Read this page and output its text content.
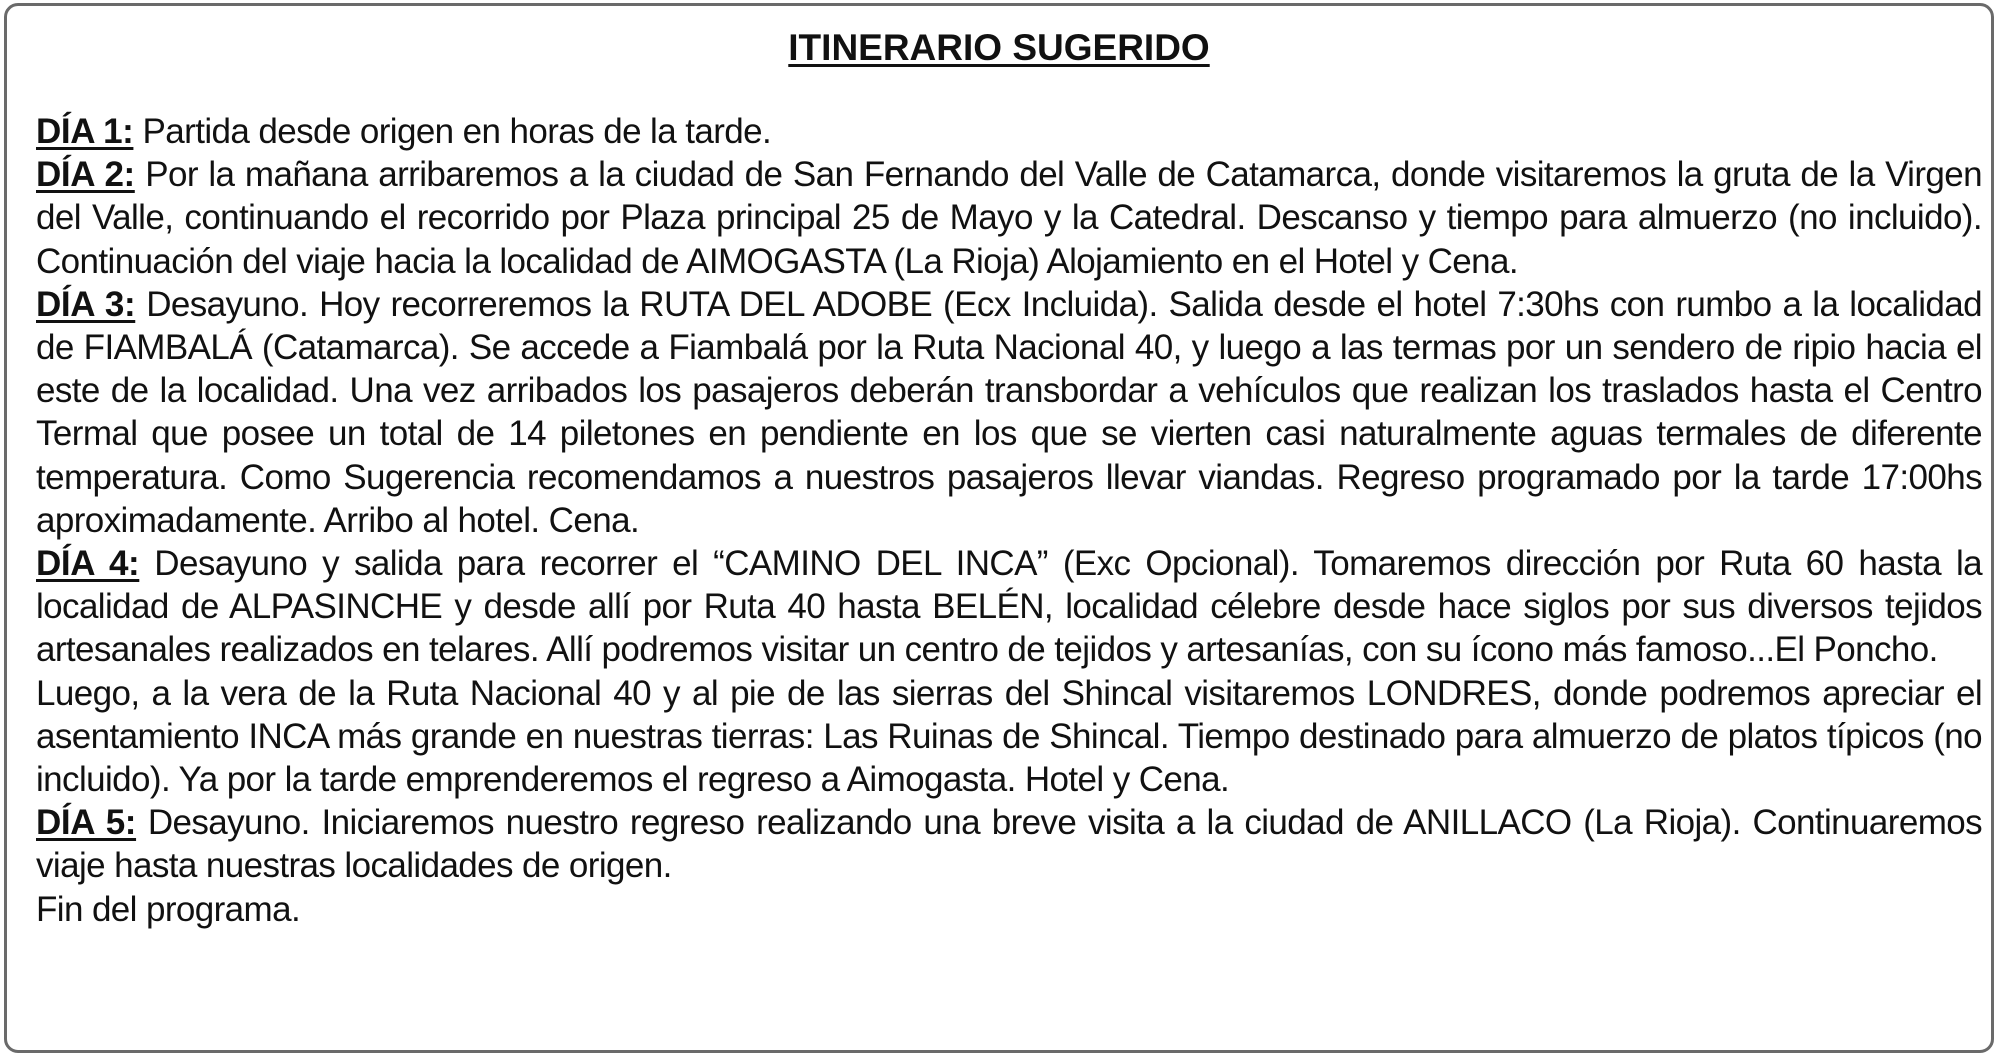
ITINERARIO SUGERIDO

DÍA 1: Partida desde origen en horas de la tarde.

DÍA 2: Por la mañana arribaremos a la ciudad de San Fernando del Valle de Catamarca, donde visitaremos la gruta de la Virgen del Valle, continuando el recorrido por Plaza principal 25 de Mayo y la Catedral. Descanso y tiempo para almuerzo (no incluido). Continuación del viaje hacia la localidad de AIMOGASTA (La Rioja) Alojamiento en el Hotel y Cena.

DÍA 3: Desayuno. Hoy recorreremos la RUTA DEL ADOBE (Ecx Incluida). Salida desde el hotel 7:30hs con rumbo a la localidad de FIAMBALÁ (Catamarca). Se accede a Fiambalá por la Ruta Nacional 40, y luego a las termas por un sendero de ripio hacia el este de la localidad. Una vez arribados los pasajeros deberán transbordar a vehículos que realizan los traslados hasta el Centro Termal que posee un total de 14 piletones en pendiente en los que se vierten casi naturalmente aguas termales de diferente temperatura. Como Sugerencia recomendamos a nuestros pasajeros llevar viandas. Regreso programado por la tarde 17:00hs aproximadamente. Arribo al hotel. Cena.

DÍA 4: Desayuno y salida para recorrer el “CAMINO DEL INCA” (Exc Opcional). Tomaremos dirección por Ruta 60 hasta la localidad de ALPASINCHE y desde allí por Ruta 40 hasta BELÉN, localidad célebre desde hace siglos por sus diversos tejidos artesanales realizados en telares. Allí podremos visitar un centro de tejidos y artesanías, con su ícono más famoso...El Poncho.

Luego, a la vera de la Ruta Nacional 40 y al pie de las sierras del Shincal visitaremos LONDRES, donde podremos apreciar el asentamiento INCA más grande en nuestras tierras: Las Ruinas de Shincal. Tiempo destinado para almuerzo de platos típicos (no incluido). Ya por la tarde emprenderemos el regreso a Aimogasta. Hotel y Cena.

DÍA 5: Desayuno. Iniciaremos nuestro regreso realizando una breve visita a la ciudad de ANILLACO (La Rioja). Continuaremos viaje hasta nuestras localidades de origen.

Fin del programa.
